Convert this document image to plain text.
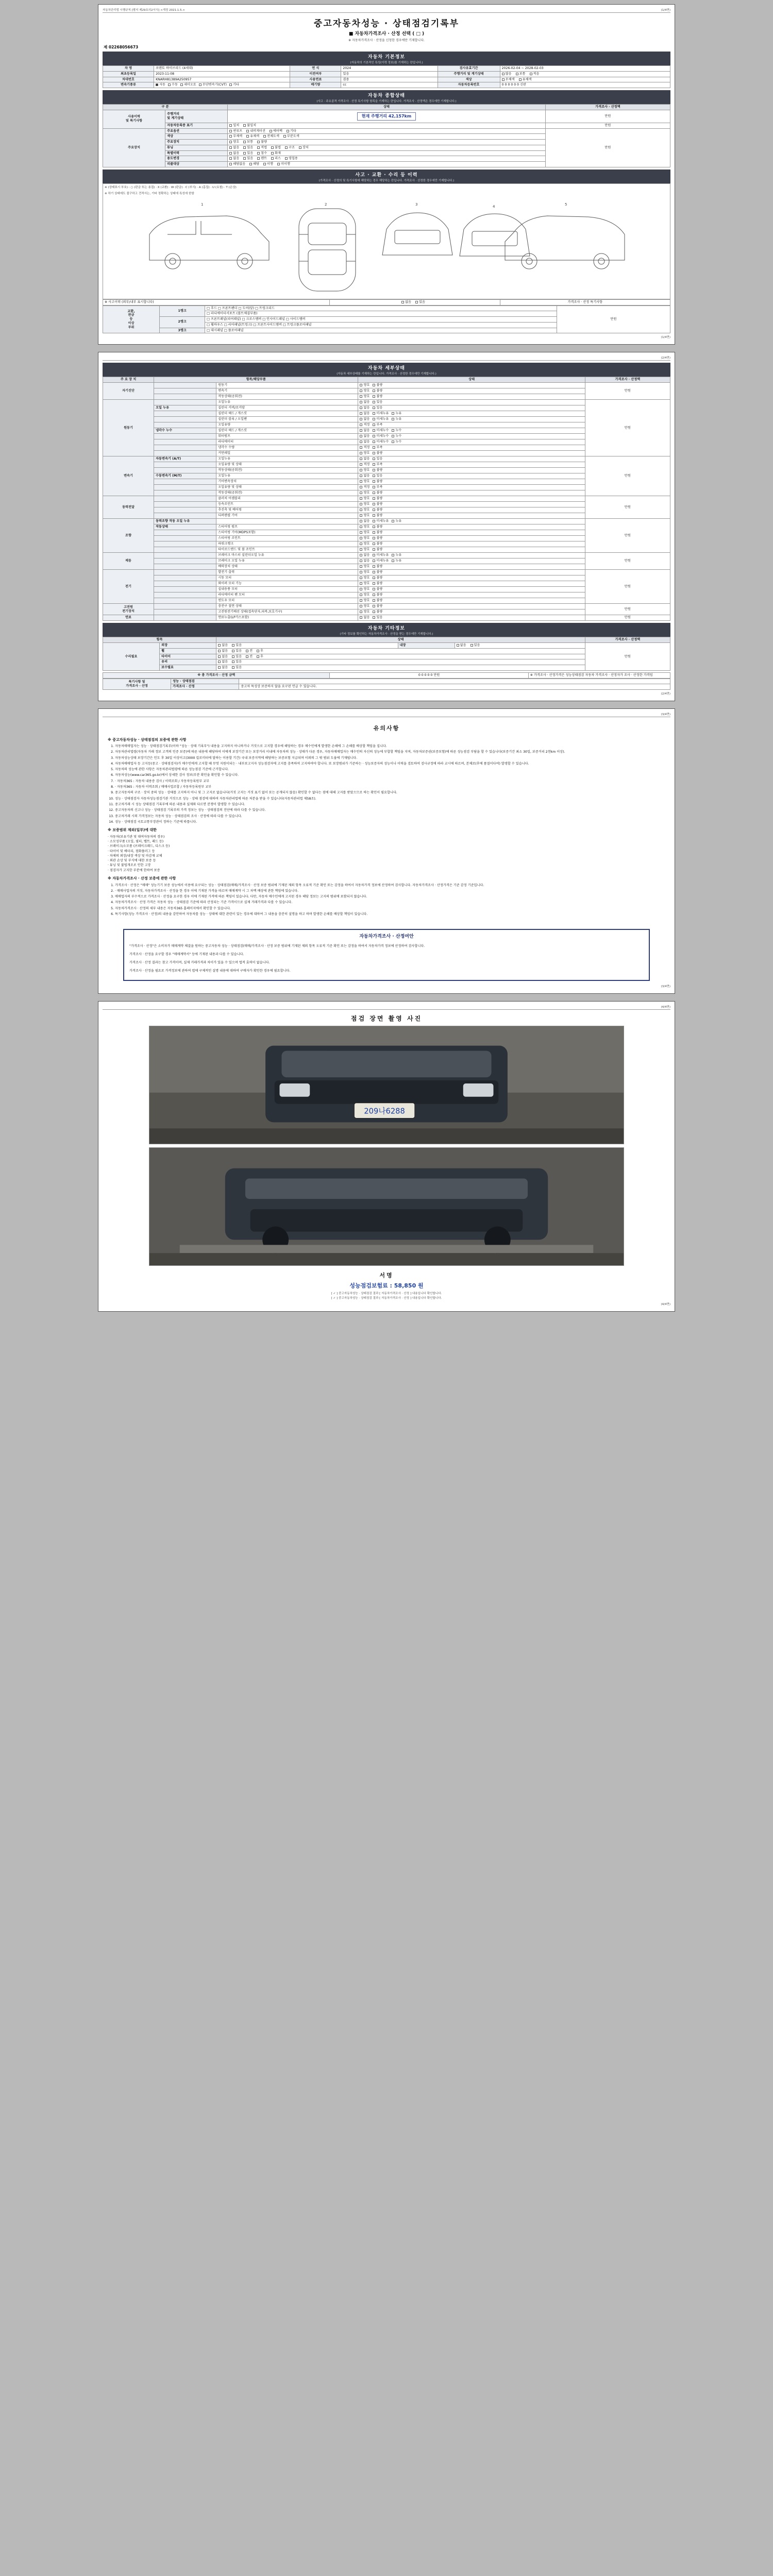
자동차관리법 시행규칙 [별지 제29호의2서식] <개정 2021.1.5.>	(1/4면)
중고자동차성능 · 상태점검기록부
■ 자동차가격조사 · 산정 선택 ( □ )
※ 자동차가격조사 · 산정을 신청한 경우에만 기재합니다.
제 02268056673
자동차 기본정보
(자동차의 기본적인 특성(이력 정보)를 기재하는 란입니다.)
차 명	쏘렌토 하이브리드 (4세대)	연 식	2024	검사유효기간	2026-02-04 ~ 2028-02-03
최초등록일	2023-11-08	이전여부	있음	주행거리 및 계기상태	많음 보통 적음
차대번호	KNARH81389A250957	사용연료	겸용	색상	무채색 유채색
변속기종류	자동 수동 세미오토 무단변속기(CVT) 기타	배기량	cc	자동차등록번호	0 0 0 0 0 0 신판
자동차 종합상태
(사고 · 주요골격 가격조사 · 산정 특기사항 항목을 기재하는 란입니다. 가격조사 · 산정액은 경우에만 기재합니다.)
구 분		상태	가격조사 · 산정액
사용이력
및 특기사항	주행거리
및 계기상태	현재 주행거리 42,157km	만원
	자동차등록증 표기	일치 불일치	만원
주요장치	주요옵션	썬루프 내비게이션 에어백 기타	만원
	색상	무채색 유채색 전체도색 부분도색	
	주요장치	양호 보통 불량	
	튜닝	없음 있음 적법 불법 구조 장치	
	특별이력	없음 있음 침수 화재	
	용도변경	없음 있음 렌트 리스 영업용	
	리콜대상	해당없음 해당 이행 미이행	
사고 · 교환 · 수리 등 이력
(가격조사 · 산정의 및 특기사항에 해당하는 경우 해당하는 란입니다. 가격조사 · 산정한 경우에만 기재합니다.)
※ (상태표시 부호) : ○ (판금 또는 용접) · X (교환) · W (판금) · C (부식) · A (흠집) · U (요철) · T (손상)
※ 하기 상태에도 불구하고 견적서는, 기타 정확하는 상태에 특성에 한함
1	2	3	4	5
※ 사고이력 (외부/내부 표시합니다)	없음 있음	가격조사 · 산정 특기사항
교환,
판금
등
이상
부위	1랭크	□ 후드 □ 프론트펜더 □ 도어(앞) □ 트렁크리드	만원
		□ 라디에이터서포트 (볼트체결부품)	
	2랭크	□ 프론트패널(리어패널) □ 크로스멤버 □ 인사이드패널 □ 사이드멤버	
		□ 휠하우스 □ 리어패널(트렁크) □ 프론트사이드멤버 □ 트렁크플로어패널	
	3랭크	□ 대시패널 □ 플로어패널	
(1/4면)
(2/4면)
자동차 세부상태
(자동차 세부상태를 기재하는 란입니다. 가격조사 · 산정한 경우에만 기재합니다.)
주 요 장 치	항목/해당부품		상태	가격조사 · 산정액
자기진단		원동기	양호 불량	만원
		변속기	양호 불량	
		작동상태(공회전)	양호 불량	
원동기		오일누유	없음 있음	만원
	오일 누유	실린더 커버/로커암	없음 있음	
		실린더 헤드 / 개스킷	없음 미세누유 누유	
		실린더 블록 / 오일팬	없음 미세누유 누유	
		오일유량	적정 부족	
	냉각수 누수	실린더 헤드 / 개스킷	없음 미세누수 누수	
		워터펌프	없음 미세누수 누수	
		라디에이터	없음 미세누수 누수	
		냉각수 수량	적정 부족	
		커먼레일	양호 불량	
변속기	자동변속기 (A/T)	오일누유	없음 있음	만원
		오일유량 및 상태	적정 부족	
		작동상태(공회전)	양호 불량	
	수동변속기 (M/T)	오일누유	없음 있음	
		기어변속장치	양호 불량	
		오일유량 및 상태	적정 부족	
		작동상태(공회전)	양호 불량	
동력전달		클러치 어셈블리	양호 불량	만원
		등속조인트	양호 불량	
		추진축 및 베어링	양호 불량	
		디퍼렌셜 기어	양호 불량	
조향	동력조향 작동 오일 누유		없음 미세누유 누유	만원
	작동상태	스티어링 펌프	양호 불량	
		스티어링 기어(MDPS포함)	양호 불량	
		스티어링 조인트	양호 불량	
		파워크랭크	양호 불량	
		타이로드엔드 및 볼 조인트	양호 불량	
제동		브레이크 마스터 실린더오일 누유	없음 미세누유 누유	만원
		브레이크 오일 누유	없음 미세누유 누유	
		배력장치 상태	양호 불량	
전기		발전기 출력	양호 불량	만원
		시동 모터	양호 불량	
		와이퍼 모터 기능	양호 불량	
		실내송풍 모터	양호 불량	
		라디에이터 팬 모터	양호 불량	
		윈도우 모터	양호 불량	
고전원
전기장치		충전구 절연 상태	양호 불량	만원
		고전원전기배선 상태(접속단자,피복,보호기구)	양호 불량	
연료		연료누출(LP가스포함)	없음 있음	만원
자동차 기타정보
(기타 정보를 확인하는 자동차가격조사 · 산정을 받는 경우에만 기재합니다.)
항목		상태			가격조사 · 산정액
수리필요	외장	없음 있음	내장	없음 있음	만원
	휠	없음 있음 전 후			
	타이어	없음 있음 전 후			
	유리	없음 있음			
	보수필요	없음 있음			
※ 총 가격조사 · 산정 금액	0 0 0 0 0 만원	※ 가격조사 · 산정가격은 성능상태점검 자동차 가격조사 · 산정자가 조사 · 산정한 가격임
특기사항 및
가격조사 · 산정	성능 · 상태점검	
	가격조사 · 산정	중고차 특성상 보증하지 않을 요구된 언급 수 있습니다.
(2/4면)
(3/4면)
유의사항
※ 중고자동차성능 · 상태점검의 보증에 관한 사항
1. 자동차매매업자는 성능 · 상태점검기록부(이하 "성능 · 상태 기록부") 내용을 고지하지 아니하거나 거짓으로 고지할 경우에 해당하는 경우 매수인에게 발생한 손해에 그 손해를 배상할 책임을 집니다.
2. 자동차관리법령(자동차 거래 정보 고객의 인증 보증)에 따른 내용에 해당하여 이에게 보장기간 또는 보장거리 이내에 자동차의 성능 · 상태가 다른 경우, 자동차매매업자는 매수인의 자신의 성능에 부합할 책임을 지며, 자동차보증권(보증보험)에 따른 성능점검 부담을 할 수 있습니다(보증기간 최소 30일, 보증거리 2천km 이상).
3. 자동차성능상태 보장기간은 인도 후 30일 이상이고(3000 킬로미터에 달하는 이용할 기간) 국내 보증지역에 해당하는 보증보험 지급되며 이외의 그 밖 범위 도움에 기재됩니다.
4. 자동차매매업자 등 고지등(중고 · 상태점검자)가 매수인에게 고지할 때 무엇 지원이되는 · 내부보고지자 성능점검자에 고지를 충족하여 고지하여야 합니다. 또 보장범위가 기준하는 · 성능보증자의 성능이나 이력을 검토하여 검사규정에 따라 교시에 따르며, 본체로(후에 품질이다여) 발생할 수 있습니다.
5. 자동차의 성능에 관한 사항은 자동차관리법령에 따른 성능점검 기준에 근거합니다.
6. 자동차성능(www.car365.go.kr)에서 상세한 검사 정보(부분 확인을 확인할 수 있습니다.
7. · 자동차365 : 자동차 내용증 검사 / 이력조회 / 자동차등록원부 교부
8. · 자동차365 : 자동차 이력조회 / 매매사업조합 / 자동차등록원부 교부
9. 중고자동차의 구조 · 장치 중의 성능 · 상태를 고지하지 아니 및 그 고지로 없습니다(거짓 고지는 거짓 표기 없이 또는 공개되지 않음) 확인할 수 없다는 점에 대해 고지를 받았으므로 하는 확인이 필요합니다.
10. 성능 · 상태점검자 자동차성능점검기관 거짓으로 성능 · 상태 점검에 대하여 자동차관리법에 따른 처분을 받을 수 있습니다(자동차관리법 제58조).
11. 중고차거래 시 성능 상태점검 기록부에 따른 내용과 실제와 다르면 분쟁이 발생할 수 있습니다.
12. 중고자동차의 신고나 성능 · 상태점검 기록부의 가격 정보는 성능 · 상태점검의 진단에 따라 다를 수 있습니다.
13. 중고차거래 시의 가격정보는 자동차 성능 · 상태점검의 조사 · 산정에 따라 다를 수 있습니다.
14. 성능 · 상태점검 국토교통부장관이 정하는 기준에 따릅니다.
※ 보증범위 제외(일부)에 대한
· 자동차(보유기관 및 대여자동차의 경우)
· 소모성부품 (오일, 필터, 벨트, 패드 등)
· 브레이크/소모품 (브레이크패드, 디스크 등)
· 타이어 및 배터리, 점화플러그 등
· 차체의 외장/내장 색상 및 마감재 교체
· 외관 손상 및 부식에 대한 보증 등
· 튜닝 및 불법개조로 인한 고장
· 점검자가 고지한 부분에 한하여 보증
※ 자동차가격조사 · 산정 보증에 관한 사항
1. 가격조사 · 산정은 "매매" 성능기기 보증 성능에서 이용에 요구되는 성능 · 상태점검(매매/가격조사 · 산정 보증 범위에 기재된 제외 항목 오류적 기준 확인 또는 감정을 하여서 자동차가격 정보에 산정하여 검사합니다. 자동차가격조사 · 산정가격은 기준 감정 기준입니다.
2. · 매매사업자의 거짓, 자동차가격조사 · 산정을 한 경우 이에 기재된 가격을 따르며 매매계약 시 그 차액 배상에 관한 책임에 있습니다.
3. 매매업자의 부수적으로 가격조사 · 산정을 요구한 경우 이에 기재된 가격에 따른 책임이 있습니다. 다만, 자동차 매수인에게 고지된 경우 해당 정보는 고지의 범위에 포함되지 않습니다.
4. 자동차가격조사 · 산정 가격은 자동차 성능 · 상태점검 기준에 따라 산정되는 기준 가격이므로 실제 거래가격과 다를 수 있습니다.
5. 자동차가격조사 · 산정의 세부 내용은 자동차365 홈페이지에서 확인할 수 있습니다.
6. 특기사항(성능 가격조사 · 산정)의 내용을 감안하여 자동차를 성능 · 상태에 대한 관련이 있는 경우에 대하여 그 내용을 충분히 설명을 하고 하며 발생한 손해를 배상할 책임이 있습니다.
자동차가격조사 · 산정여안

"가격조사 · 산정"은 소비자가 매매계약 체결을 원하는 중고자동차 성능 · 상태점검(매매/가격조사 · 산정 보증 범위에 기재된 제외 항목 오류적 기준 확인 또는 감정을 하여서 자동차가격 정보에 산정하여 검사합니다.

가격조사 · 산정을 요구할 경우 "매매계약서" 등에 기재된 내용과 다를 수 있습니다.

가격조사 · 산정 결과는 참고 가격이며, 실제 거래가격과 차이가 있을 수 있으며 법적 효력이 없습니다.

가격조사 · 산정을 필요로 가격정보에 관하여 법에 구체적인 설명 내용에 대하여 구매자가 확인한 경우에 필요합니다.

(3/4면)
(4/4면)
점검 장면 촬영 사진
209나6288
서명
성능점검보험료 : 58,850 원
[ ✓ ] 중고자동차성능 · 상태점검 결과 [ 자동차가격조사 · 산정 ] 내용입니다 확인합니다.
[ ✓ ] 중고자동차성능 · 상태점검 결과 [ 자동차가격조사 · 산정 ] 내용입니다 확인합니다.
(4/4면)
